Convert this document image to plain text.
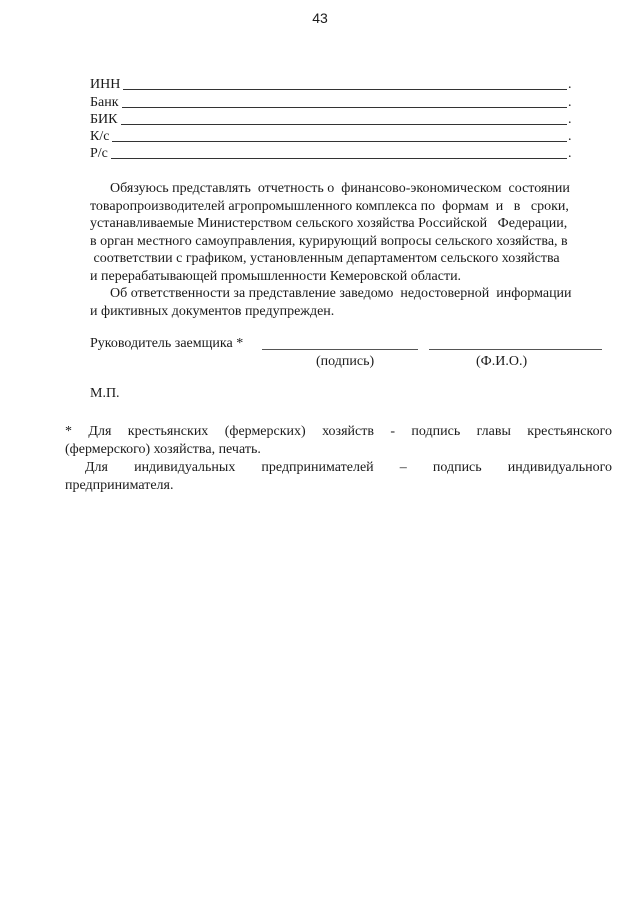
43
ИНН	.
Банк	.
БИК	.
К/с	.
Р/с	.
Обязуюсь представлять  отчетность о  финансово-экономическом  состоянии
товаропроизводителей агропромышленного комплекса по  формам  и   в   сроки,
устанавливаемые Министерством сельского хозяйства Российской   Федерации,
в орган местного самоуправления, курирующий вопросы сельского хозяйства, в
соответствии с графиком, установленным департаментом сельского хозяйства
и перерабатывающей промышленности Кемеровской области.
Об ответственности за представление заведомо  недостоверной  информации
и фиктивных документов предупрежден.
Руководитель заемщика *
(подпись)	(Ф.И.О.)
М.П.
* Для крестьянских (фермерских) хозяйств - подпись главы крестьянского
(фермерского) хозяйства, печать.
Для индивидуальных предпринимателей – подпись индивидуального
предпринимателя.
